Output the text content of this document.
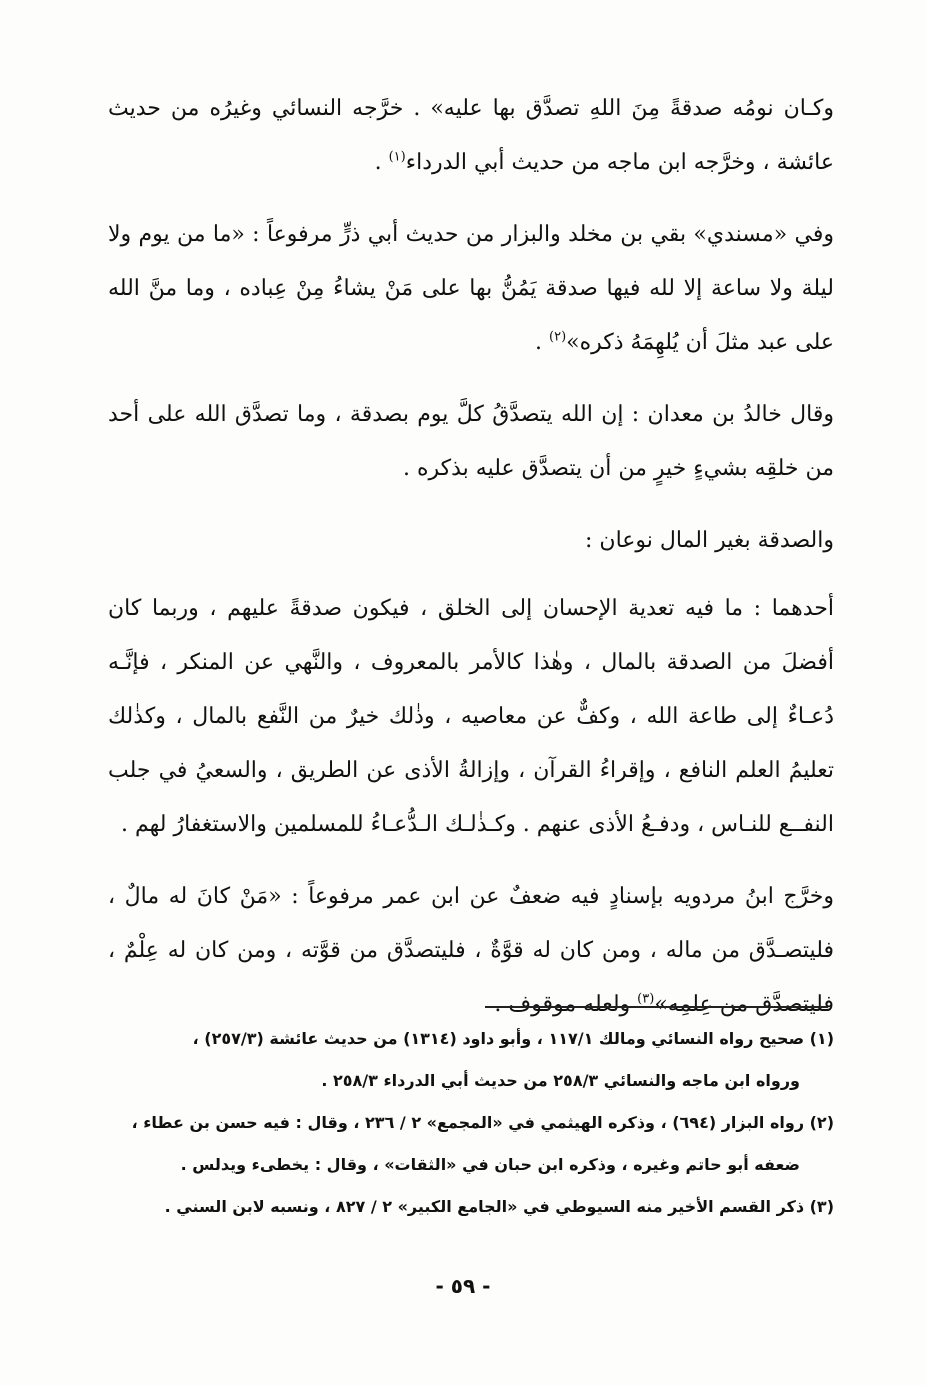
وكـان نومُه صدقةً مِنَ اللهِ تصدَّق بها عليه» . خرَّجه النسائي وغيرُه من حديث عائشة ، وخرَّجه ابن ماجه من حديث أبي الدرداء$^{(١)}$ .

وفي «مسندي» بقي بن مخلد والبزار من حديث أبي ذرٍّ مرفوعاً : «ما من يوم ولا ليلة ولا ساعة إلا لله فيها صدقة يَمُنُّ بها على مَنْ يشاءُ مِنْ عِباده ، وما منَّ الله على عبد مثلَ أن يُلهِمَهُ ذكره»$^{(٢)}$ .

وقال خالدُ بن معدان : إن الله يتصدَّقُ كلَّ يوم بصدقة ، وما تصدَّق الله على أحد من خلقِه بشيءٍ خيرٍ من أن يتصدَّق عليه بذكره .

والصدقة بغير المال نوعان :

أحدهما : ما فيه تعدية الإحسان إلى الخلق ، فيكون صدقةً عليهم ، وربما كان أفضلَ من الصدقة بالمال ، وهٰذا كالأمر بالمعروف ، والنَّهي عن المنكر ، فإنَّـه دُعـاءٌ إلى طاعة الله ، وكفٌّ عن معاصيه ، وذٰلك خيرٌ من النَّفع بالمال ، وكذٰلك تعليمُ العلم النافع ، وإقراءُ القرآن ، وإزالةُ الأذى عن الطريق ، والسعيُ في جلب النفــع للنـاس ، ودفـعُ الأذى عنهم . وكـذٰلـك الـدُّعـاءُ للمسلمين والاستغفارُ لهم .

وخرَّج ابنُ مردويه بإسنادٍ فيه ضعفٌ عن ابن عمر مرفوعاً : «مَنْ كانَ له مالٌ ، فليتصـدَّق من ماله ، ومن كان له قوَّةٌ ، فليتصدَّق من قوَّته ، ومن كان له عِلْمٌ ، فليتصدَّق من عِلمِه»$^{(٣)}$ ولعله موقوف .

(١) صحيح رواه النسائي ومالك ١١٧/١ ، وأبو داود (١٣١٤) من حديث عائشة (٢٥٧/٣) ،
ورواه ابن ماجه والنسائي ٢٥٨/٣ من حديث أبي الدرداء ٢٥٨/٣ .
(٢) رواه البزار (٦٩٤) ، وذكره الهيثمي في «المجمع» ٢ / ٢٣٦ ، وقال : فيه حسن بن عطاء ،
ضعفه أبو حاتم وغيره ، وذكره ابن حبان في «الثقات» ، وقال : يخطىء ويدلس .
(٣) ذكر القسم الأخير منه السيوطي في «الجامع الكبير» ٢ / ٨٢٧ ، ونسبه لابن السني .
- ٥٩ -
